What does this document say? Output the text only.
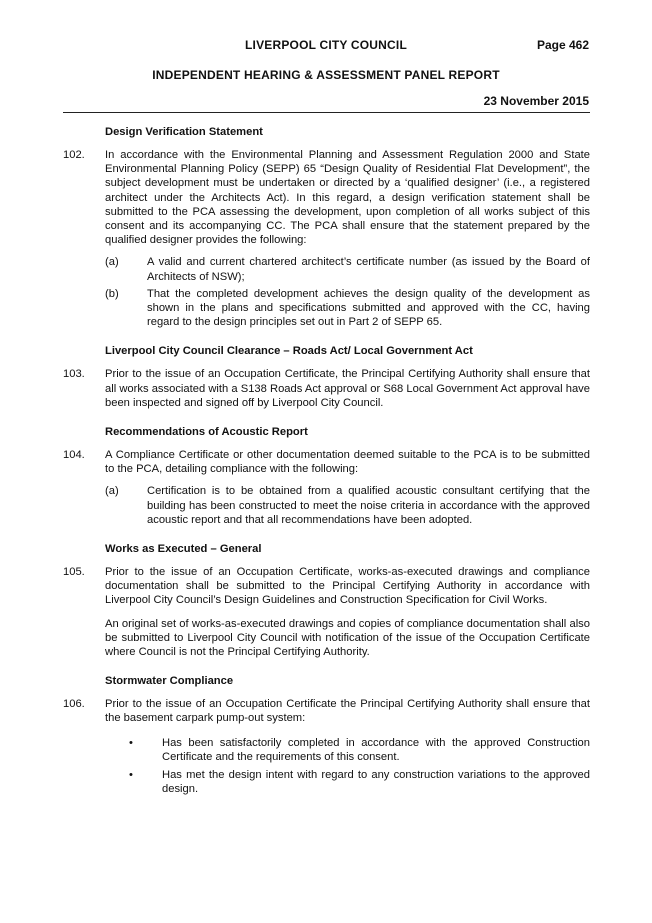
LIVERPOOL CITY COUNCIL	Page 462
INDEPENDENT HEARING & ASSESSMENT PANEL REPORT
23 November 2015
Design Verification Statement
102.	In accordance with the Environmental Planning and Assessment Regulation 2000 and State Environmental Planning Policy (SEPP) 65 “Design Quality of Residential Flat Development”, the subject development must be undertaken or directed by a ‘qualified designer’ (i.e., a registered architect under the Architects Act). In this regard, a design verification statement shall be submitted to the PCA assessing the development, upon completion of all works subject of this consent and its accompanying CC. The PCA shall ensure that the statement prepared by the qualified designer provides the following:

(a)	A valid and current chartered architect’s certificate number (as issued by the Board of Architects of NSW);

(b)	That the completed development achieves the design quality of the development as shown in the plans and specifications submitted and approved with the CC, having regard to the design principles set out in Part 2 of SEPP 65.

Liverpool City Council Clearance – Roads Act/ Local Government Act
103.	Prior to the issue of an Occupation Certificate, the Principal Certifying Authority shall ensure that all works associated with a S138 Roads Act approval or S68 Local Government Act approval have been inspected and signed off by Liverpool City Council.

Recommendations of Acoustic Report
104.	A Compliance Certificate or other documentation deemed suitable to the PCA is to be submitted to the PCA, detailing compliance with the following:

(a)	Certification is to be obtained from a qualified acoustic consultant certifying that the building has been constructed to meet the noise criteria in accordance with the approved acoustic report and that all recommendations have been adopted.

Works as Executed – General
105.	Prior to the issue of an Occupation Certificate, works-as-executed drawings and compliance documentation shall be submitted to the Principal Certifying Authority in accordance with Liverpool City Council’s Design Guidelines and Construction Specification for Civil Works.

An original set of works-as-executed drawings and copies of compliance documentation shall also be submitted to Liverpool City Council with notification of the issue of the Occupation Certificate where Council is not the Principal Certifying Authority.

Stormwater Compliance
106.	Prior to the issue of an Occupation Certificate the Principal Certifying Authority shall ensure that the basement carpark pump-out system:

•	Has been satisfactorily completed in accordance with the approved Construction Certificate and the requirements of this consent.

•	Has met the design intent with regard to any construction variations to the approved design.
